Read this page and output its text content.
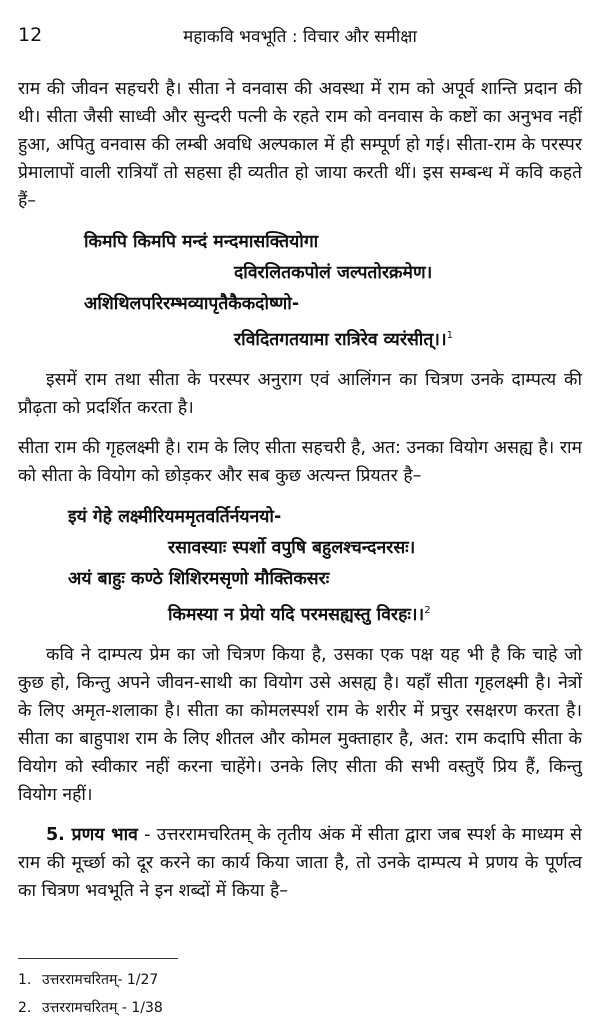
12	महाकवि भवभूति : विचार और समीक्षा

राम की जीवन सहचरी है। सीता ने वनवास की अवस्था में राम को अपूर्व शान्ति प्रदान की थी। सीता जैसी साध्वी और सुन्दरी पत्नी के रहते राम को वनवास के कष्टों का अनुभव नहीं हुआ, अपितु वनवास की लम्बी अवधि अल्पकाल में ही सम्पूर्ण हो गई। सीता-राम के परस्पर प्रेमालापों वाली रात्रियाँ तो सहसा ही व्यतीत हो जाया करती थीं। इस सम्बन्ध में कवि कहते हैं–

किमपि किमपि मन्दं मन्दमासक्तियोगा
दविरलितकपोलं जल्पतोरक्रमेण।
अशिथिलपरिरम्भव्यापृतैकैकदोष्णो-
रविदितगतयामा रात्रिरेव व्यरंसीत्।।$^1$

इसमें राम तथा सीता के परस्पर अनुराग एवं आलिंगन का चित्रण उनके दाम्पत्य की प्रौढ़ता को प्रदर्शित करता है।

सीता राम की गृहलक्ष्मी है। राम के लिए सीता सहचरी है, अत: उनका वियोग असह्य है। राम को सीता के वियोग को छोड़कर और सब कुछ अत्यन्त प्रियतर है–

इयं गेहे लक्ष्मीरियममृतवर्तिर्नयनयो-
रसावस्याः स्पर्शो वपुषि बहुलश्चन्दनरसः।
अयं बाहुः कण्ठे शिशिरमसृणो मौक्तिकसरः
किमस्या न प्रेयो यदि परमसह्यस्तु विरहः।।$^2$

कवि ने दाम्पत्य प्रेम का जो चित्रण किया है, उसका एक पक्ष यह भी है कि चाहे जो कुछ हो, किन्तु अपने जीवन-साथी का वियोग उसे असह्य है। यहाँ सीता गृहलक्ष्मी है। नेत्रों के लिए अमृत-शलाका है। सीता का कोमलस्पर्श राम के शरीर में प्रचुर रसक्षरण करता है। सीता का बाहुपाश राम के लिए शीतल और कोमल मुक्ताहार है, अत: राम कदापि सीता के वियोग को स्वीकार नहीं करना चाहेंगे। उनके लिए सीता की सभी वस्तुएँ प्रिय हैं, किन्तु वियोग नहीं।

5. प्रणय भाव - उत्तररामचरितम् के तृतीय अंक में सीता द्वारा जब स्पर्श के माध्यम से राम की मूर्च्छा को दूर करने का कार्य किया जाता है, तो उनके दाम्पत्य मे प्रणय के पूर्णत्व का चित्रण भवभूति ने इन शब्दों में किया है–

1. उत्तररामचरितम्- 1/27
2. उत्तररामचरितम् - 1/38
